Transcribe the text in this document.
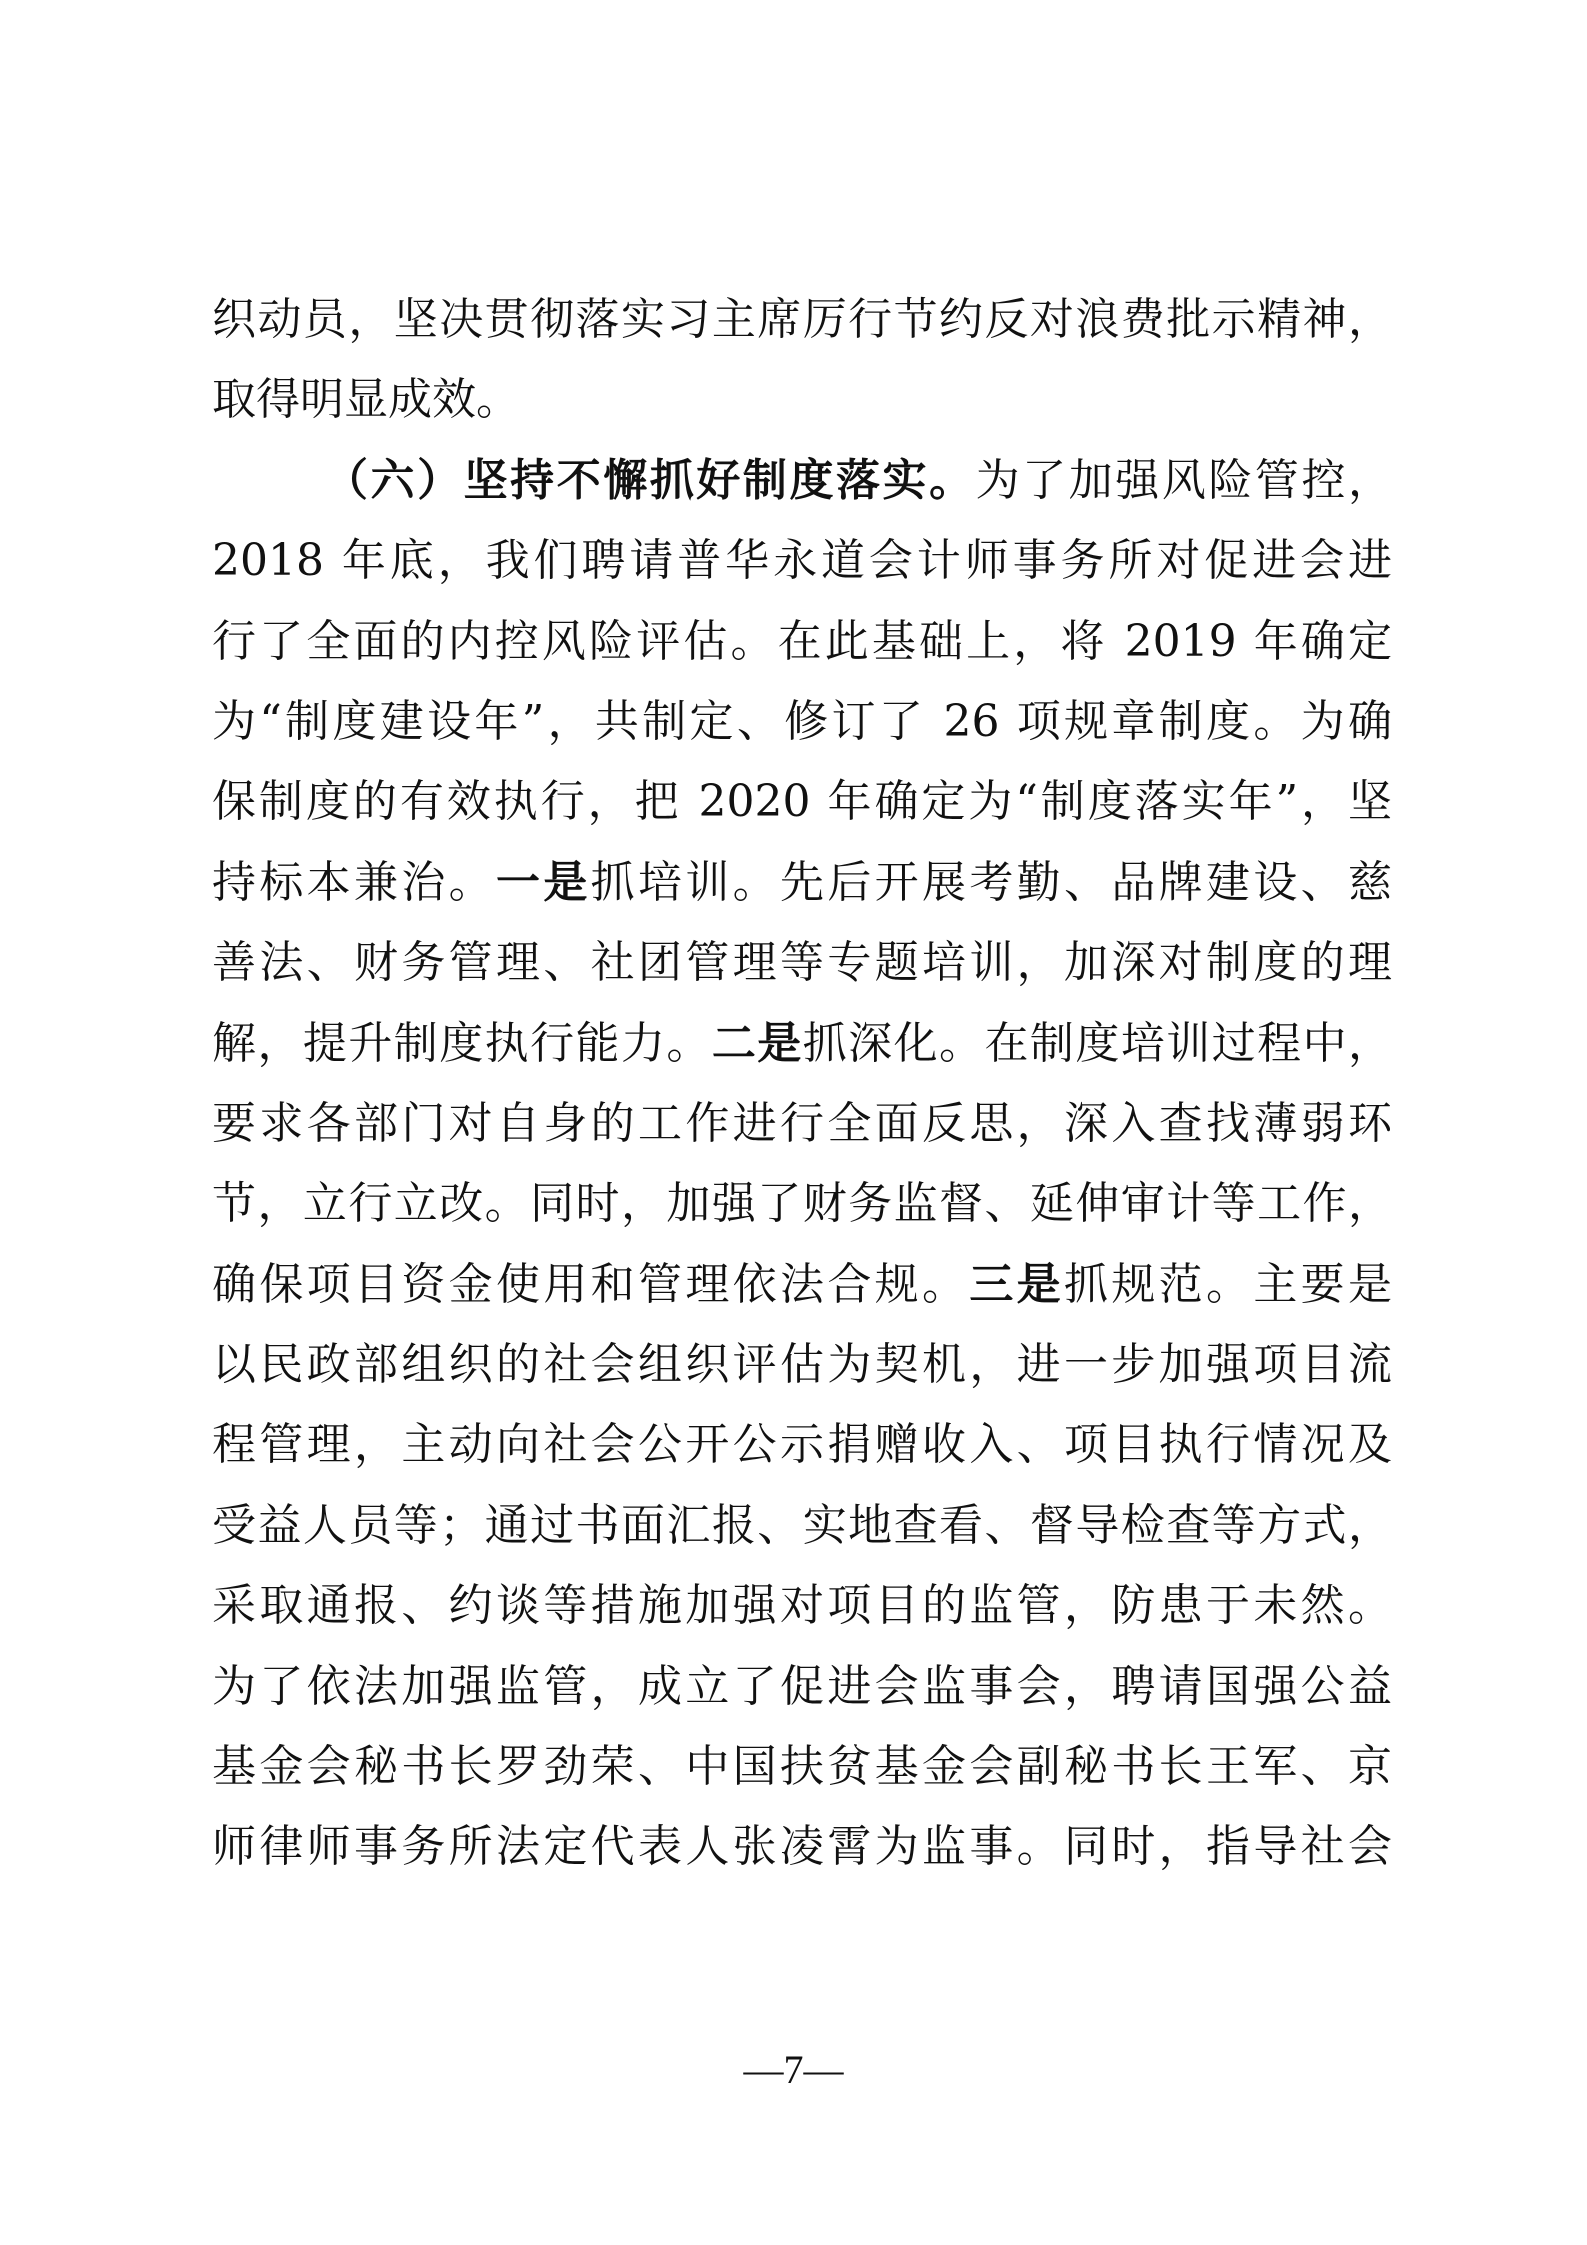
织动员，坚决贯彻落实习主席厉行节约反对浪费批示精神，
取得明显成效。
（六）坚持不懈抓好制度落实。为了加强风险管控，
2018 年底，我们聘请普华永道会计师事务所对促进会进
行了全面的内控风险评估。在此基础上，将 2019 年确定
为“制度建设年”，共制定、修订了 26 项规章制度。为确
保制度的有效执行，把 2020 年确定为“制度落实年”，坚
持标本兼治。一是抓培训。先后开展考勤、品牌建设、慈
善法、财务管理、社团管理等专题培训，加深对制度的理
解，提升制度执行能力。二是抓深化。在制度培训过程中，
要求各部门对自身的工作进行全面反思，深入查找薄弱环
节，立行立改。同时，加强了财务监督、延伸审计等工作，
确保项目资金使用和管理依法合规。三是抓规范。主要是
以民政部组织的社会组织评估为契机，进一步加强项目流
程管理，主动向社会公开公示捐赠收入、项目执行情况及
受益人员等；通过书面汇报、实地查看、督导检查等方式，
采取通报、约谈等措施加强对项目的监管，防患于未然。
为了依法加强监管，成立了促进会监事会，聘请国强公益
基金会秘书长罗劲荣、中国扶贫基金会副秘书长王军、京
师律师事务所法定代表人张凌霄为监事。同时，指导社会
—7—
